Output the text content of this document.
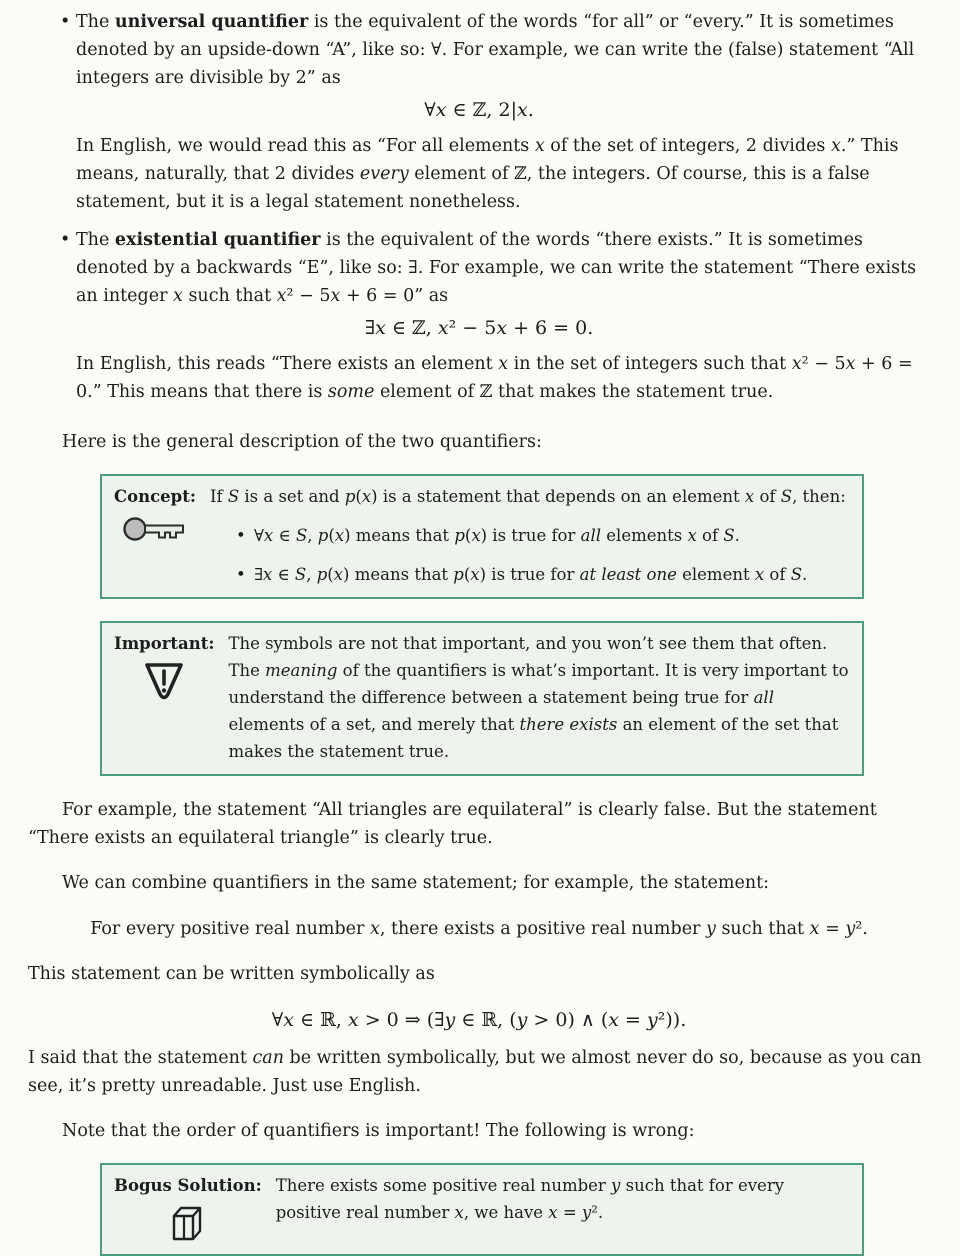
• The universal quantifier is the equivalent of the words “for all” or “every.” It is sometimes denoted by an upside-down “A”, like so: ∀. For example, we can write the (false) statement “All integers are divisible by 2” as
∀x ∈ ℤ, 2|x.
In English, we would read this as “For all elements x of the set of integers, 2 divides x.” This means, naturally, that 2 divides every element of ℤ, the integers. Of course, this is a false statement, but it is a legal statement nonetheless.
• The existential quantifier is the equivalent of the words “there exists.” It is sometimes denoted by a backwards “E”, like so: ∃. For example, we can write the statement “There exists an integer x such that x² − 5x + 6 = 0” as
∃x ∈ ℤ, x² − 5x + 6 = 0.
In English, this reads “There exists an element x in the set of integers such that x² − 5x + 6 = 0.” This means that there is some element of ℤ that makes the statement true.

Here is the general description of the two quantifiers:

Concept: If S is a set and p(x) is a statement that depends on an element x of S, then:
• ∀x ∈ S, p(x) means that p(x) is true for all elements x of S.
• ∃x ∈ S, p(x) means that p(x) is true for at least one element x of S.
Important: The symbols are not that important, and you won’t see them that often. The meaning of the quantifiers is what’s important. It is very important to understand the difference between a statement being true for all elements of a set, and merely that there exists an element of the set that makes the statement true.

For example, the statement “All triangles are equilateral” is clearly false. But the statement “There exists an equilateral triangle” is clearly true.

We can combine quantifiers in the same statement; for example, the statement:

For every positive real number x, there exists a positive real number y such that x = y².

This statement can be written symbolically as

∀x ∈ ℝ, x > 0 ⇒ (∃y ∈ ℝ, (y > 0) ∧ (x = y²)).

I said that the statement can be written symbolically, but we almost never do so, because as you can see, it’s pretty unreadable. Just use English.

Note that the order of quantifiers is important! The following is wrong:

Bogus Solution: There exists some positive real number y such that for every positive real number x, we have x = y².
